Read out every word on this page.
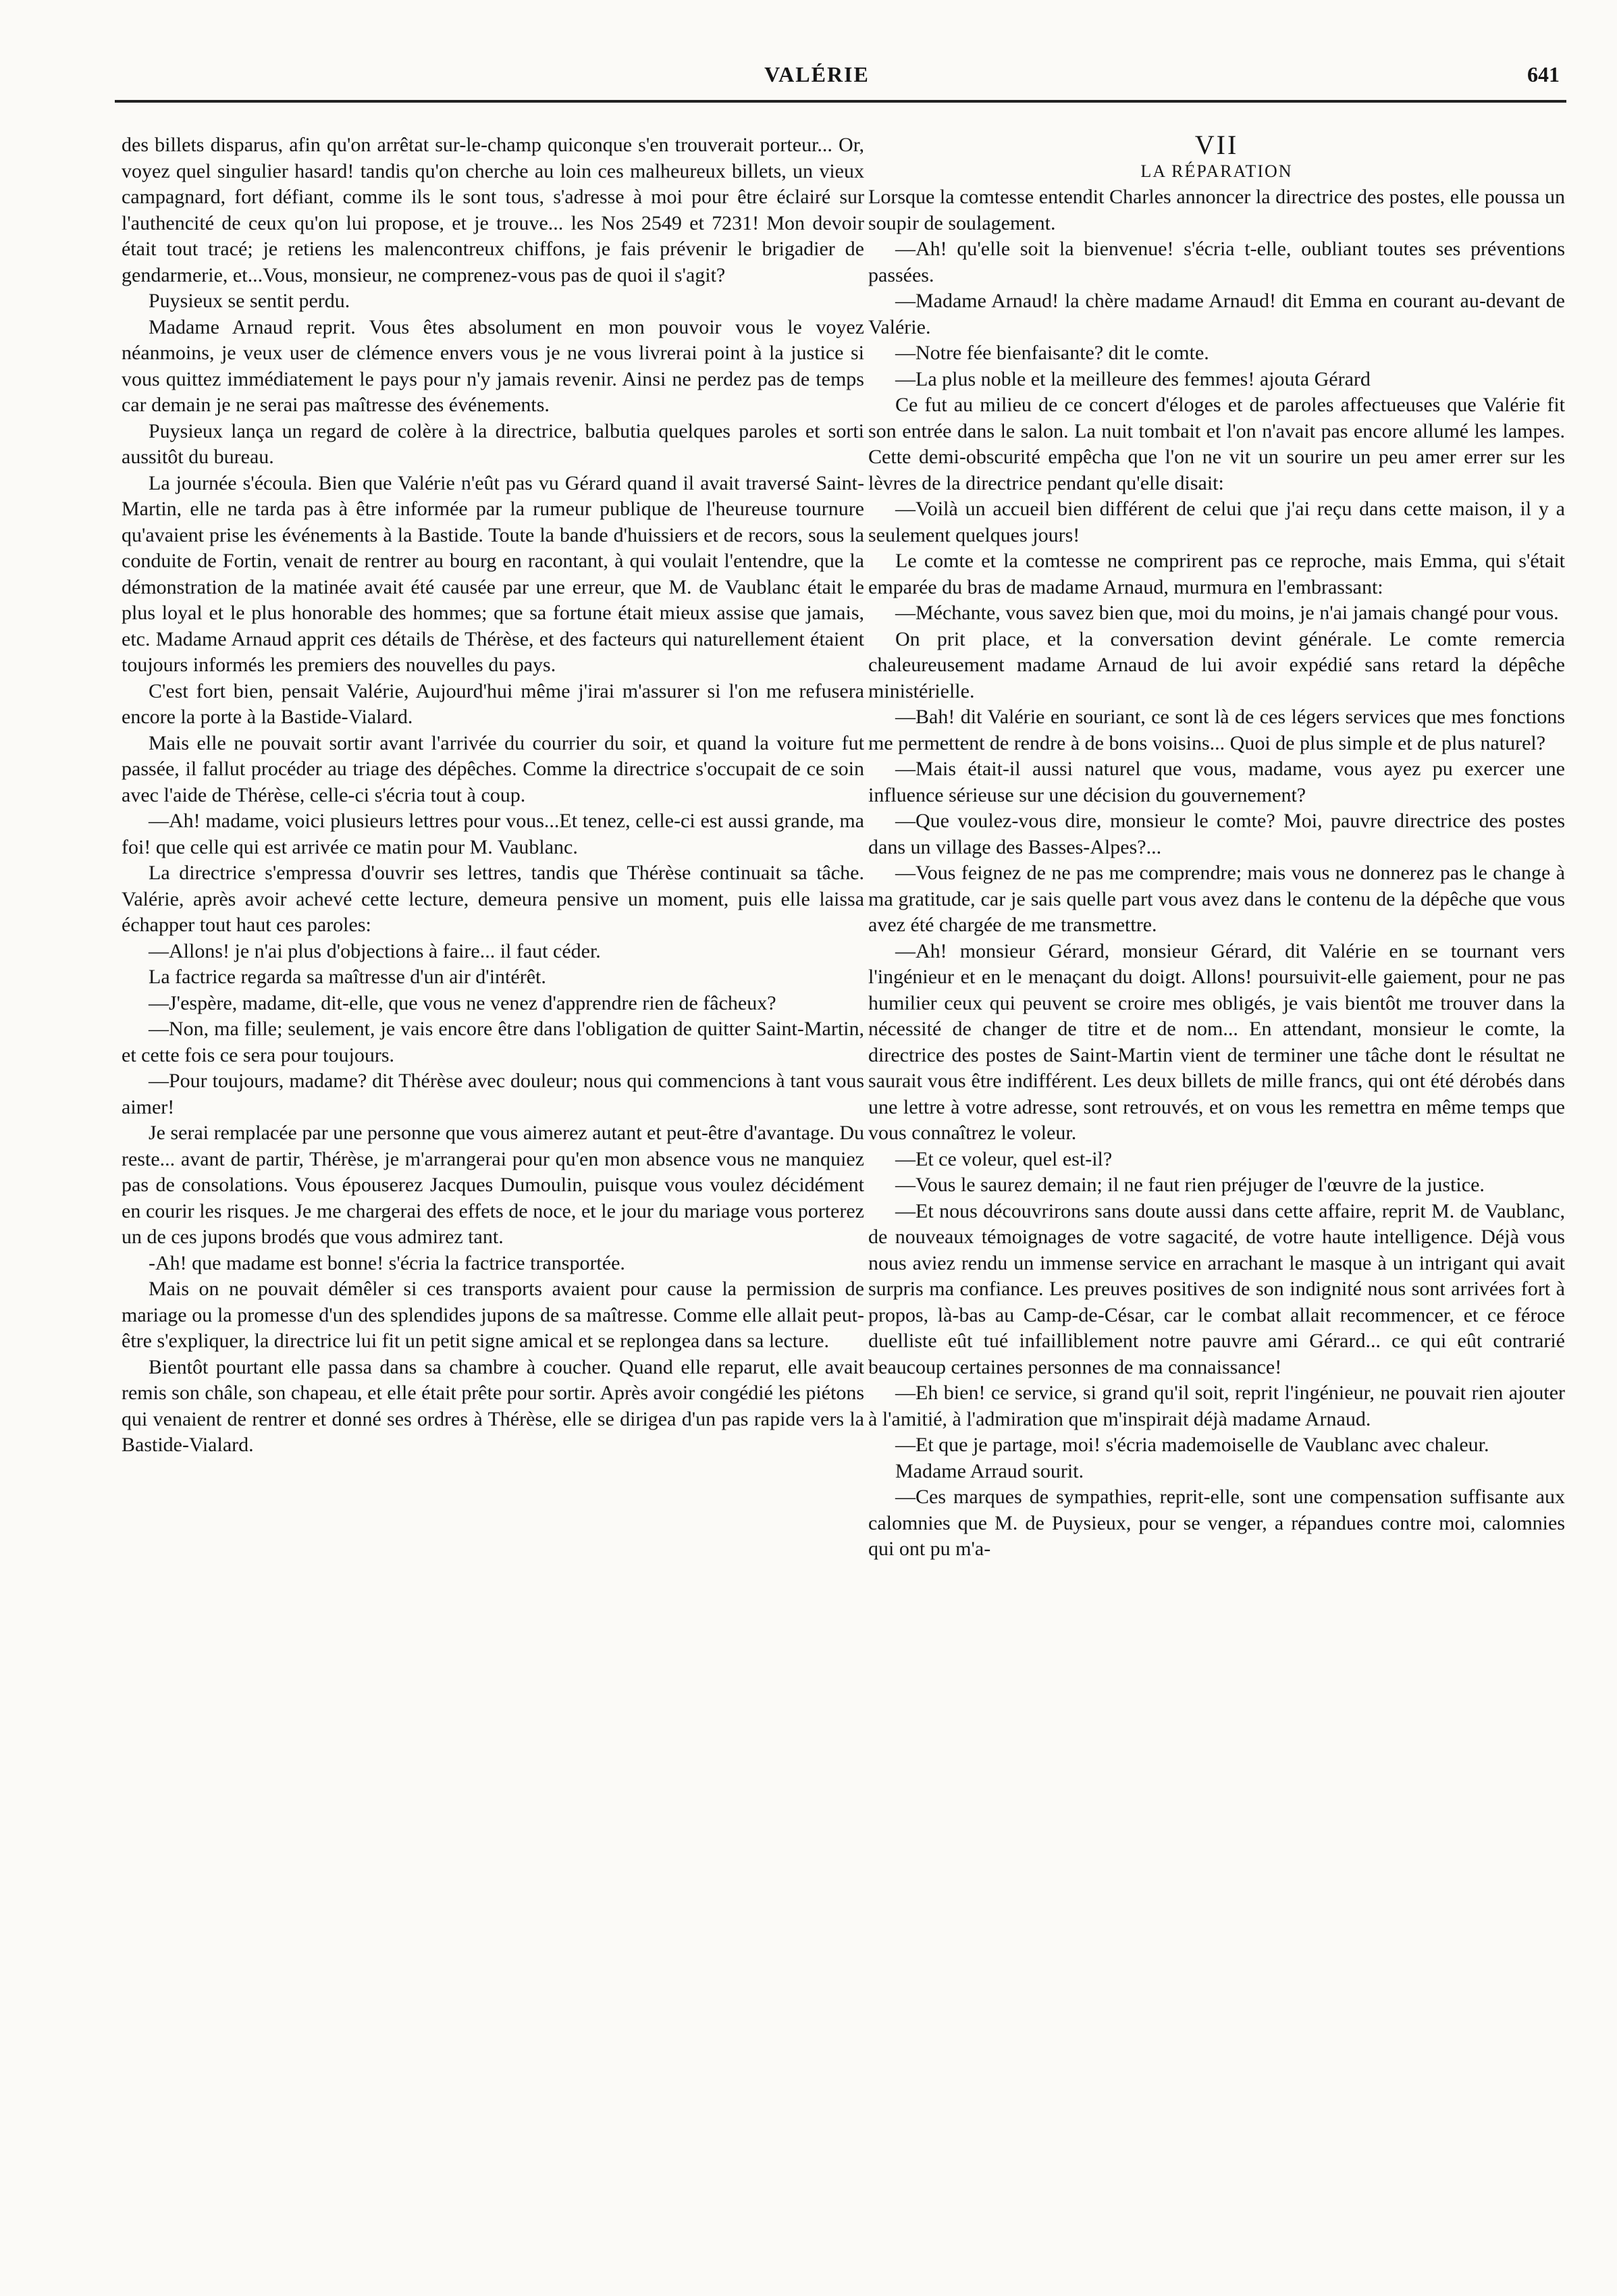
VALÉRIE	641

des billets disparus, afin qu'on arrêtat sur-le-champ quiconque s'en trouverait porteur... Or, voyez quel singulier hasard! tandis qu'on cherche au loin ces malheureux billets, un vieux campagnard, fort défiant, comme ils le sont tous, s'adresse à moi pour être éclairé sur l'authencité de ceux qu'on lui propose, et je trouve... les Nos 2549 et 7231! Mon devoir était tout tracé; je retiens les malencontreux chiffons, je fais prévenir le brigadier de gendarmerie, et...Vous, monsieur, ne comprenez-vous pas de quoi il s'agit?

Puysieux se sentit perdu.

Madame Arnaud reprit. Vous êtes absolument en mon pouvoir vous le voyez néanmoins, je veux user de clémence envers vous je ne vous livrerai point à la justice si vous quittez immédiatement le pays pour n'y jamais revenir. Ainsi ne perdez pas de temps car demain je ne serai pas maîtresse des événements.

Puysieux lança un regard de colère à la directrice, balbutia quelques paroles et sorti aussitôt du bureau.

La journée s'écoula. Bien que Valérie n'eût pas vu Gérard quand il avait traversé Saint-Martin, elle ne tarda pas à être informée par la rumeur publique de l'heureuse tournure qu'avaient prise les événements à la Bastide. Toute la bande d'huissiers et de recors, sous la conduite de Fortin, venait de rentrer au bourg en racontant, à qui voulait l'entendre, que la démonstration de la matinée avait été causée par une erreur, que M. de Vaublanc était le plus loyal et le plus honorable des hommes; que sa fortune était mieux assise que jamais, etc. Madame Arnaud apprit ces détails de Thérèse, et des facteurs qui naturellement étaient toujours informés les premiers des nouvelles du pays.

C'est fort bien, pensait Valérie, Aujourd'hui même j'irai m'assurer si l'on me refusera encore la porte à la Bastide-Vialard.

Mais elle ne pouvait sortir avant l'arrivée du courrier du soir, et quand la voiture fut passée, il fallut procéder au triage des dépêches. Comme la directrice s'occupait de ce soin avec l'aide de Thérèse, celle-ci s'écria tout à coup.

—Ah! madame, voici plusieurs lettres pour vous...Et tenez, celle-ci est aussi grande, ma foi! que celle qui est arrivée ce matin pour M. Vaublanc.

La directrice s'empressa d'ouvrir ses lettres, tandis que Thérèse continuait sa tâche. Valérie, après avoir achevé cette lecture, demeura pensive un moment, puis elle laissa échapper tout haut ces paroles:

—Allons! je n'ai plus d'objections à faire... il faut céder.

La factrice regarda sa maîtresse d'un air d'intérêt.

—J'espère, madame, dit-elle, que vous ne venez d'apprendre rien de fâcheux?

—Non, ma fille; seulement, je vais encore être dans l'obligation de quitter Saint-Martin, et cette fois ce sera pour toujours.

—Pour toujours, madame? dit Thérèse avec douleur; nous qui commencions à tant vous aimer!

Je serai remplacée par une personne que vous aimerez autant et peut-être d'avantage. Du reste... avant de partir, Thérèse, je m'arrangerai pour qu'en mon absence vous ne manquiez pas de consolations. Vous épouserez Jacques Dumoulin, puisque vous voulez décidément en courir les risques. Je me chargerai des effets de noce, et le jour du mariage vous porterez un de ces jupons brodés que vous admirez tant.

-Ah! que madame est bonne! s'écria la factrice transportée.

Mais on ne pouvait démêler si ces transports avaient pour cause la permission de mariage ou la promesse d'un des splendides jupons de sa maîtresse. Comme elle allait peut-être s'expliquer, la directrice lui fit un petit signe amical et se replongea dans sa lecture.

Bientôt pourtant elle passa dans sa chambre à coucher. Quand elle reparut, elle avait remis son châle, son chapeau, et elle était prête pour sortir. Après avoir congédié les piétons qui venaient de rentrer et donné ses ordres à Thérèse, elle se dirigea d'un pas rapide vers la Bastide-Vialard.

VII

LA RÉPARATION

Lorsque la comtesse entendit Charles annoncer la directrice des postes, elle poussa un soupir de soulagement.

—Ah! qu'elle soit la bienvenue! s'écria t-elle, oubliant toutes ses préventions passées.

—Madame Arnaud! la chère madame Arnaud! dit Emma en courant au-devant de Valérie.

—Notre fée bienfaisante? dit le comte.

—La plus noble et la meilleure des femmes! ajouta Gérard

Ce fut au milieu de ce concert d'éloges et de paroles affectueuses que Valérie fit son entrée dans le salon. La nuit tombait et l'on n'avait pas encore allumé les lampes. Cette demi-obscurité empêcha que l'on ne vit un sourire un peu amer errer sur les lèvres de la directrice pendant qu'elle disait:

—Voilà un accueil bien différent de celui que j'ai reçu dans cette maison, il y a seulement quelques jours!

Le comte et la comtesse ne comprirent pas ce reproche, mais Emma, qui s'était emparée du bras de madame Arnaud, murmura en l'embrassant:

—Méchante, vous savez bien que, moi du moins, je n'ai jamais changé pour vous.

On prit place, et la conversation devint générale. Le comte remercia chaleureusement madame Arnaud de lui avoir expédié sans retard la dépêche ministérielle.

—Bah! dit Valérie en souriant, ce sont là de ces légers services que mes fonctions me permettent de rendre à de bons voisins... Quoi de plus simple et de plus naturel?

—Mais était-il aussi naturel que vous, madame, vous ayez pu exercer une influence sérieuse sur une décision du gouvernement?

—Que voulez-vous dire, monsieur le comte? Moi, pauvre directrice des postes dans un village des Basses-Alpes?...

—Vous feignez de ne pas me comprendre; mais vous ne donnerez pas le change à ma gratitude, car je sais quelle part vous avez dans le contenu de la dépêche que vous avez été chargée de me transmettre.

—Ah! monsieur Gérard, monsieur Gérard, dit Valérie en se tournant vers l'ingénieur et en le menaçant du doigt. Allons! poursuivit-elle gaiement, pour ne pas humilier ceux qui peuvent se croire mes obligés, je vais bientôt me trouver dans la nécessité de changer de titre et de nom... En attendant, monsieur le comte, la directrice des postes de Saint-Martin vient de terminer une tâche dont le résultat ne saurait vous être indifférent. Les deux billets de mille francs, qui ont été dérobés dans une lettre à votre adresse, sont retrouvés, et on vous les remettra en même temps que vous connaîtrez le voleur.

—Et ce voleur, quel est-il?

—Vous le saurez demain; il ne faut rien préjuger de l'œuvre de la justice.

—Et nous découvrirons sans doute aussi dans cette affaire, reprit M. de Vaublanc, de nouveaux témoignages de votre sagacité, de votre haute intelligence. Déjà vous nous aviez rendu un immense service en arrachant le masque à un intrigant qui avait surpris ma confiance. Les preuves positives de son indignité nous sont arrivées fort à propos, là-bas au Camp-de-César, car le combat allait recommencer, et ce féroce duelliste eût tué infailliblement notre pauvre ami Gérard... ce qui eût contrarié beaucoup certaines personnes de ma connaissance!

—Eh bien! ce service, si grand qu'il soit, reprit l'ingénieur, ne pouvait rien ajouter à l'amitié, à l'admiration que m'inspirait déjà madame Arnaud.

—Et que je partage, moi! s'écria mademoiselle de Vaublanc avec chaleur.

Madame Arraud sourit.

—Ces marques de sympathies, reprit-elle, sont une compensation suffisante aux calomnies que M. de Puysieux, pour se venger, a répandues contre moi, calomnies qui ont pu m'a-
